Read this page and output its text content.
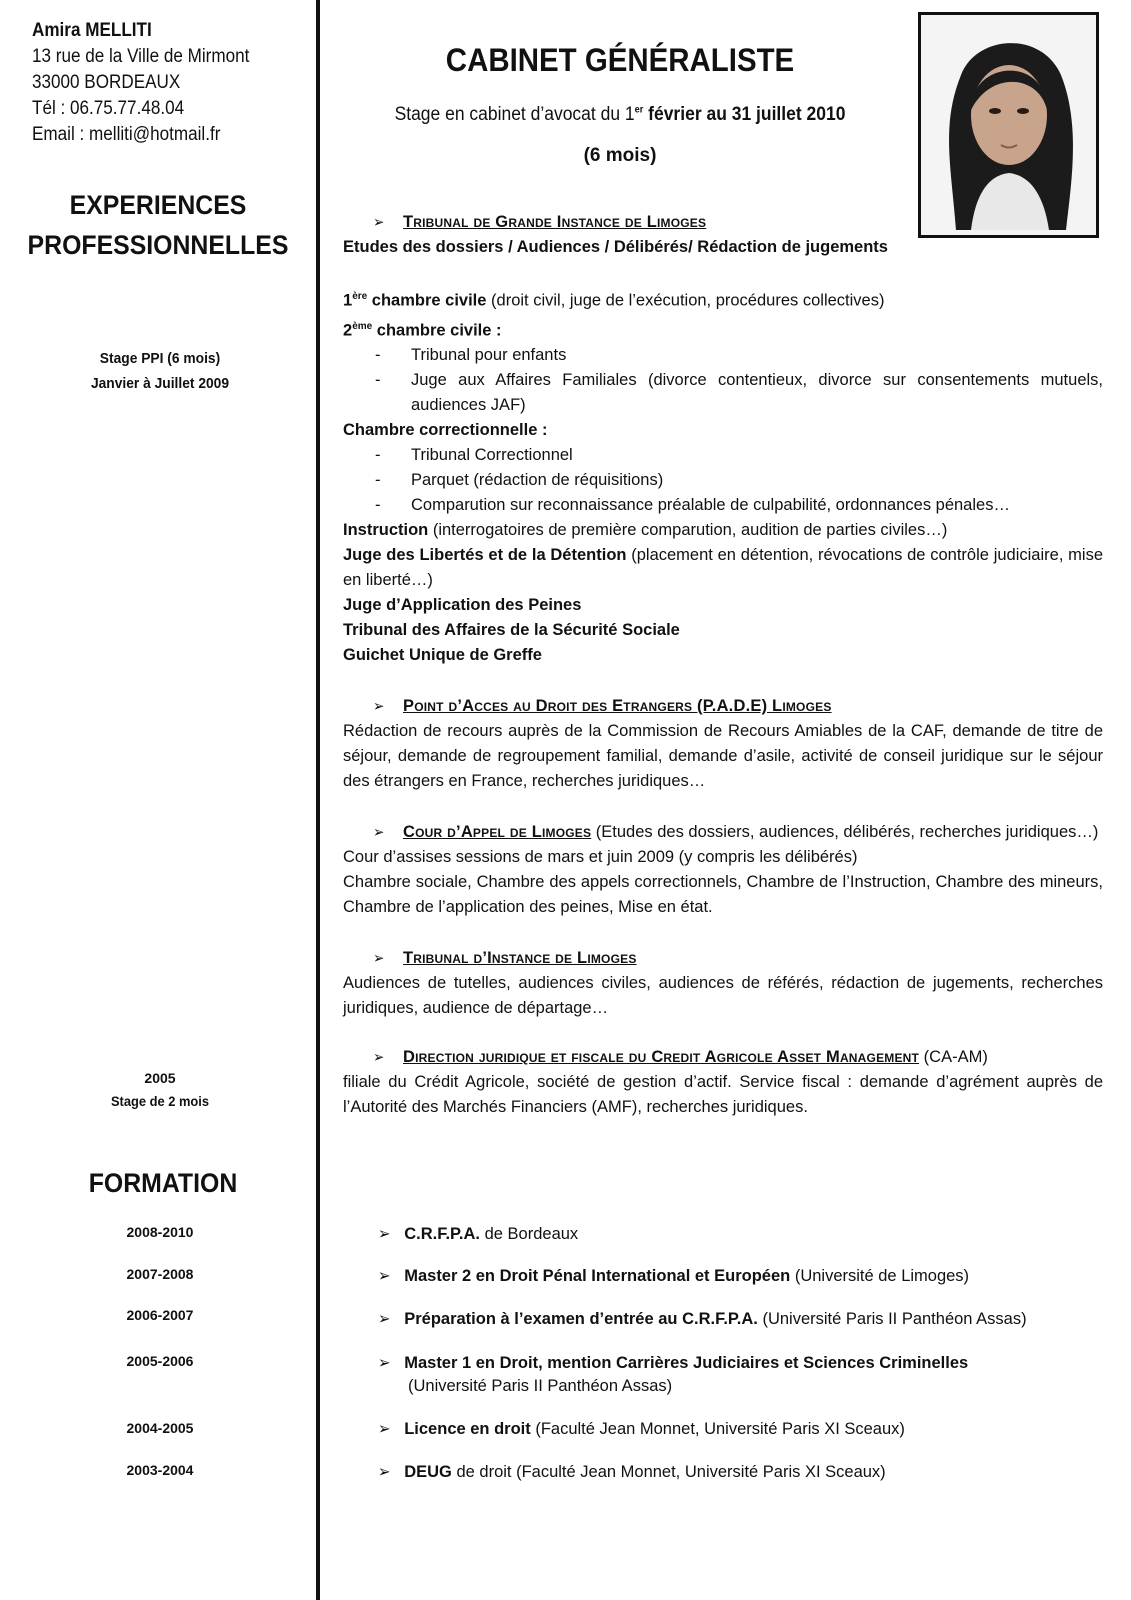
Amira MELLITI
13 rue de la Ville de Mirmont
33000 BORDEAUX
Tél : 06.75.77.48.04
Email : melliti@hotmail.fr
EXPERIENCES
PROFESSIONNELLES
Stage PPI (6 mois)
Janvier à Juillet 2009
2005
Stage de 2 mois
FORMATION
2008-2010
2007-2008
2006-2007
2005-2006
2004-2005
2003-2004
CABINET GÉNÉRALISTE
Stage en cabinet d’avocat du 1er février au 31 juillet 2010
(6 mois)

➢ Tribunal de Grande Instance de Limoges

Etudes des dossiers / Audiences / Délibérés/ Rédaction de jugements

1ère chambre civile (droit civil, juge de l’exécution, procédures collectives)

2ème chambre civile :

- Tribunal pour enfants

-	Juge aux Affaires Familiales (divorce contentieux, divorce sur consentements mutuels, audiences JAF)

Chambre correctionnelle :

- Tribunal Correctionnel

- Parquet (rédaction de réquisitions)

- Comparution sur reconnaissance préalable de culpabilité, ordonnances pénales…

Instruction (interrogatoires de première comparution, audition de parties civiles…)

Juge des Libertés et de la Détention (placement en détention, révocations de contrôle judiciaire, mise en liberté…)

Juge d’Application des Peines

Tribunal des Affaires de la Sécurité Sociale

Guichet Unique de Greffe

➢ Point d’Acces au Droit des Etrangers (P.A.D.E) Limoges

Rédaction de recours auprès de la Commission de Recours Amiables de la CAF, demande de titre de séjour, demande de regroupement familial, demande d’asile, activité de conseil juridique sur le séjour des étrangers en France, recherches juridiques…

➢ Cour d’Appel de Limoges (Etudes des dossiers, audiences, délibérés, recherches juridiques…)

Cour d’assises sessions de mars et juin 2009 (y compris les délibérés)

Chambre sociale, Chambre des appels correctionnels, Chambre de l’Instruction, Chambre des mineurs, Chambre de l’application des peines, Mise en état.

➢ Tribunal d’Instance de Limoges

Audiences de tutelles, audiences civiles, audiences de référés, rédaction de jugements, recherches juridiques, audience de départage…

➢ Direction juridique et fiscale du Credit Agricole Asset Management (CA-AM)

filiale du Crédit Agricole, société de gestion d’actif. Service fiscal : demande d’agrément auprès de l’Autorité des Marchés Financiers (AMF), recherches juridiques.

➢ C.R.F.P.A. de Bordeaux
➢ Master 2 en Droit Pénal International et Européen (Université de Limoges)
➢ Préparation à l’examen d’entrée au C.R.F.P.A. (Université Paris II Panthéon Assas)
➢ Master 1 en Droit, mention Carrières Judiciaires et Sciences Criminelles
(Université Paris II Panthéon Assas)
➢ Licence en droit (Faculté Jean Monnet, Université Paris XI Sceaux)
➢ DEUG de droit (Faculté Jean Monnet, Université Paris XI Sceaux)
